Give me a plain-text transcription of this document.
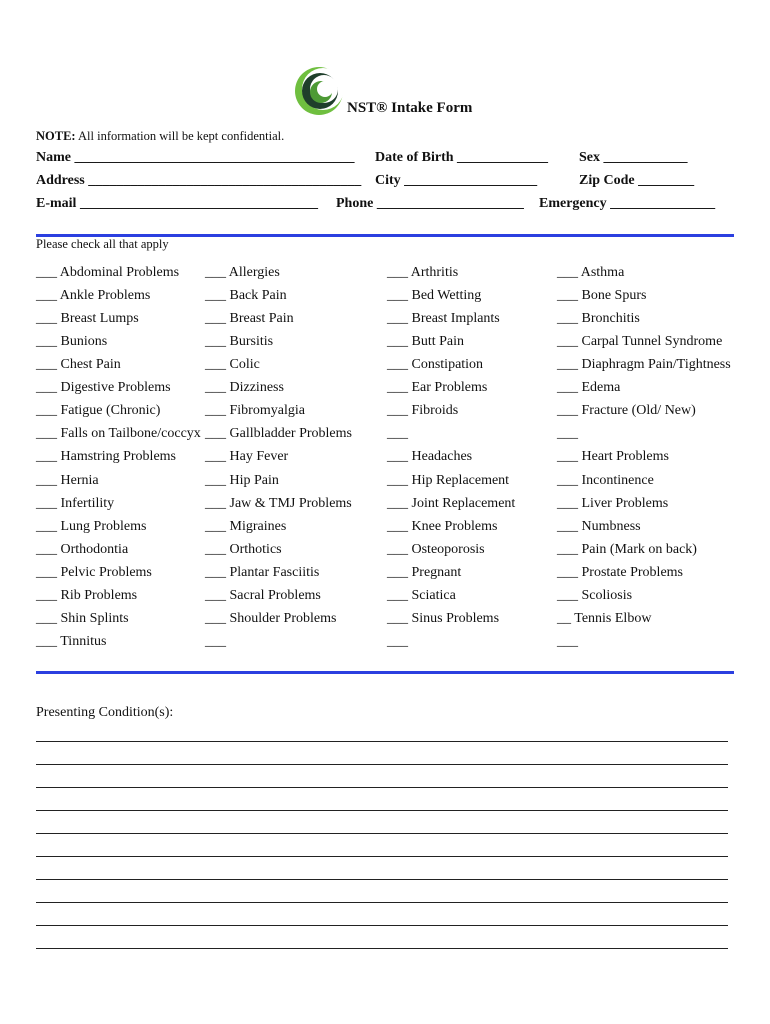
NST® Intake Form
NOTE: All information will be kept confidential.
Name ________________________________________ Date of Birth _____________ Sex ____________
Address _______________________________________ City ___________________	Zip Code ________
E-mail __________________________________ Phone _____________________ Emergency _______________
Please check all that apply
___ Abdominal Problems
___ Ankle Problems
___ Breast Lumps
___ Bunions
___ Chest Pain
___ Digestive Problems
___ Fatigue (Chronic)
___ Falls on Tailbone/coccyx
___ Hamstring Problems
___ Hernia
___ Infertility
___ Lung Problems
___ Orthodontia
___ Pelvic Problems
___ Rib Problems
___ Shin Splints
___ Tinnitus
___ Allergies
___ Back Pain
___ Breast Pain
___ Bursitis
___ Colic
___ Dizziness
___ Fibromyalgia
___ Gallbladder Problems
___ Hay Fever
___ Hip Pain
___ Jaw & TMJ Problems
___ Migraines
___ Orthotics
___ Plantar Fasciitis
___ Sacral Problems
___ Shoulder Problems
___
___ Arthritis
___ Bed Wetting
___ Breast Implants
___ Butt Pain
___ Constipation
___ Ear Problems
___ Fibroids
___
___ Headaches
___ Hip Replacement
___ Joint Replacement
___ Knee Problems
___ Osteoporosis
___ Pregnant
___ Sciatica
___ Sinus Problems
___
___ Asthma
___ Bone Spurs
___ Bronchitis
___ Carpal Tunnel Syndrome
___ Diaphragm Pain/Tightness
___ Edema
___ Fracture (Old/ New)
___
___ Heart Problems
___ Incontinence
___ Liver Problems
___ Numbness
___ Pain (Mark on back)
___ Prostate Problems
___ Scoliosis
__ Tennis Elbow
___
Presenting Condition(s):
